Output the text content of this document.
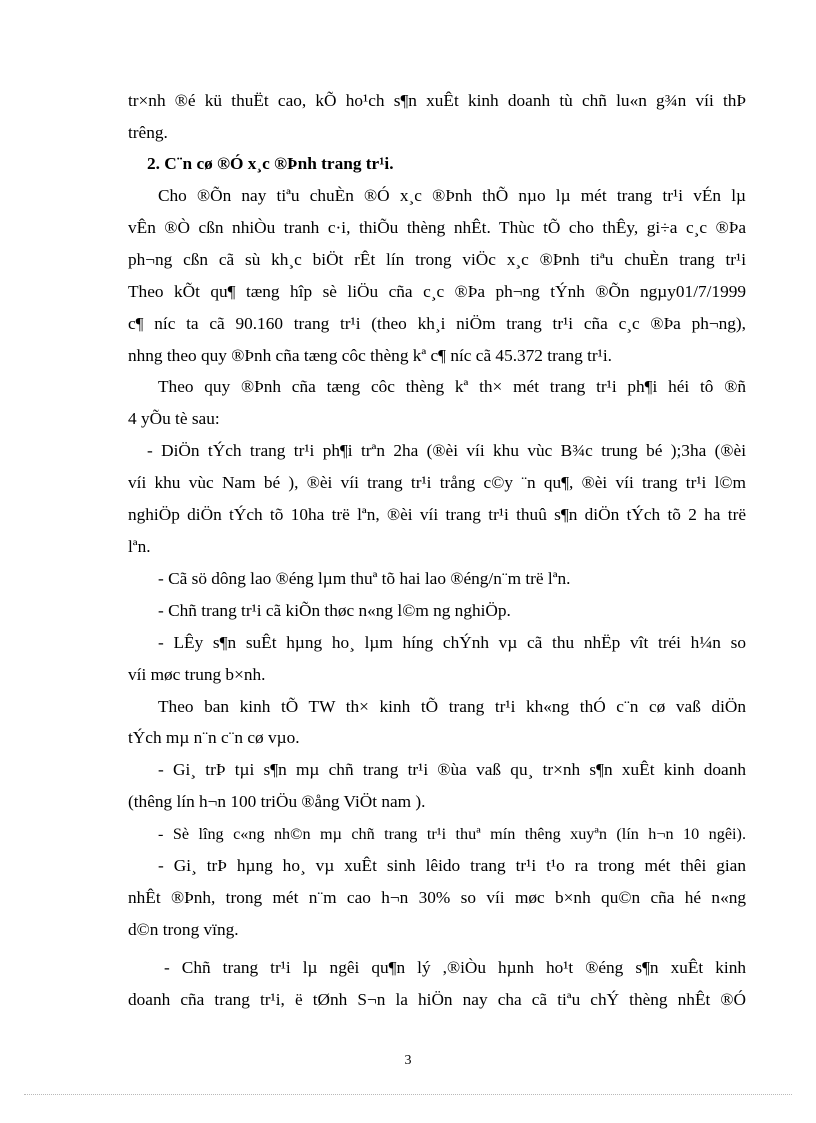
tr×nh ®é kü thuËt cao, kÕ ho¹ch s¶n xuÊt kinh doanh tù chñ lu«n g¾n víi thÞ
trêng.
2. C¨n cø ®Ó x¸c ®Þnh trang tr¹i.
Cho ®Õn nay tiªu chuÈn ®Ó x¸c ®Þnh thÕ nµo lµ mét trang tr¹i vÉn lµ
vÊn ®Ò cßn nhiÒu tranh c·i, thiÕu thèng nhÊt. Thùc tÕ cho thÊy, gi÷a c¸c ®Þa
ph¬ng cßn cã sù kh¸c biÖt rÊt lín trong viÖc x¸c ®Þnh tiªu chuÈn trang tr¹i
Theo kÕt qu¶ tæng hîp sè liÖu cña c¸c ®Þa ph¬ng tÝnh ®Õn ngµy01/7/1999
c¶ níc ta cã 90.160 trang tr¹i (theo kh¸i niÖm trang tr¹i cña c¸c ®Þa ph¬ng),
nhng theo quy ®Þnh cña tæng côc thèng kª c¶ níc cã 45.372 trang tr¹i.
Theo quy ®Þnh cña tæng côc thèng kª th× mét trang tr¹i ph¶i héi tô ®ñ
4 yÕu tè sau:
- DiÖn tÝch trang tr¹i ph¶i trªn 2ha (®èi víi khu vùc B¾c trung bé );3ha (®èi
víi khu vùc Nam bé ), ®èi víi trang tr¹i trång c©y ¨n qu¶, ®èi víi trang tr¹i l©m
nghiÖp diÖn tÝch tõ 10ha trë lªn, ®èi víi trang tr¹i thuû s¶n diÖn tÝch tõ 2 ha trë
lªn.
- Cã sö dông lao ®éng lµm thuª tõ hai lao ®éng/n¨m trë lªn.
- Chñ trang tr¹i cã kiÕn thøc n«ng l©m ng nghiÖp.
- LÊy s¶n suÊt hµng ho¸ lµm híng chÝnh vµ cã thu nhËp vît tréi h¼n so
víi møc trung b×nh.
Theo ban kinh tÕ TW th× kinh tÕ trang tr¹i kh«ng thÓ c¨n cø vaß diÖn
tÝch mµ n¨n c¨n cø vµo.
- Gi¸ trÞ tµi s¶n mµ chñ trang tr¹i ®ùa vaß qu¸ tr×nh s¶n xuÊt kinh doanh
(thêng lín h¬n 100 triÖu ®ång ViÖt nam ).
- Sè lîng c«ng nh©n mµ chñ trang tr¹i thuª mín thêng xuyªn (lín h¬n 10 ngêi).
- Gi¸ trÞ hµng ho¸ vµ xuÊt sinh lêido trang tr¹i t¹o ra trong mét thêi gian
nhÊt ®Þnh, trong mét n¨m cao h¬n 30% so víi møc b×nh qu©n cña hé n«ng
d©n trong vïng.
- Chñ trang tr¹i lµ ngêi qu¶n lý ,®iÒu hµnh ho¹t ®éng s¶n xuÊt kinh
doanh cña trang tr¹i, ë tØnh S¬n la hiÖn nay cha cã tiªu chÝ thèng nhÊt ®Ó
3
